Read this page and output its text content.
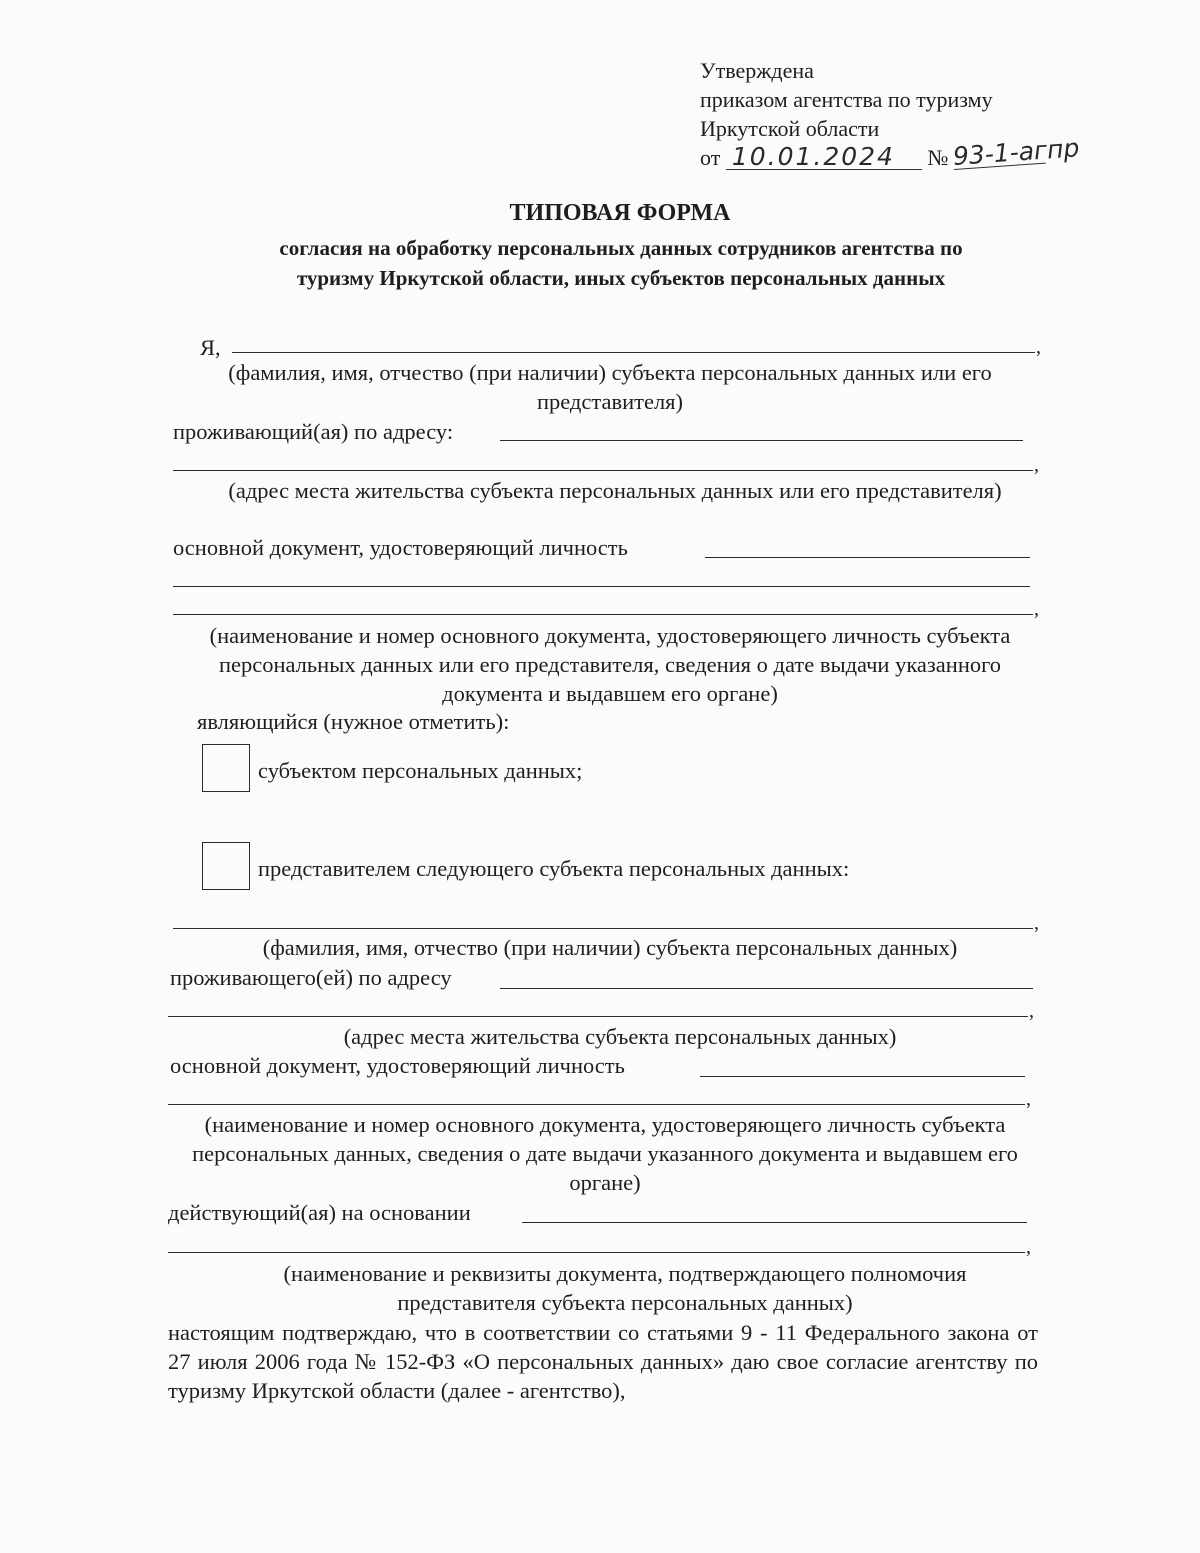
Утверждена
приказом агентства по туризму
Иркутской области
от 10.01.2024 № 93-1-агпр
ТИПОВАЯ ФОРМА
согласия на обработку персональных данных сотрудников агентства по
туризму Иркутской области, иных субъектов персональных данных
Я,	,
(фамилия, имя, отчество (при наличии) субъекта персональных данных или его представителя)
проживающий(ая) по адресу:
,
(адрес места жительства субъекта персональных данных или его представителя)
основной документ, удостоверяющий личность
,
(наименование и номер основного документа, удостоверяющего личность субъекта персональных данных или его представителя, сведения о дате выдачи указанного документа и выдавшем его органе)
являющийся (нужное отметить):
субъектом персональных данных;
представителем следующего субъекта персональных данных:
,
(фамилия, имя, отчество (при наличии) субъекта персональных данных)
проживающего(ей) по адресу
,
(адрес места жительства субъекта персональных данных)
основной документ, удостоверяющий личность
,
(наименование и номер основного документа, удостоверяющего личность субъекта персональных данных, сведения о дате выдачи указанного документа и выдавшем его органе)
действующий(ая) на основании
,
(наименование и реквизиты документа, подтверждающего полномочия представителя субъекта персональных данных)
настоящим подтверждаю, что в соответствии со статьями 9 - 11 Федерального закона от 27 июля 2006 года № 152-ФЗ «О персональных данных» даю свое согласие агентству по туризму Иркутской области (далее - агентство),
